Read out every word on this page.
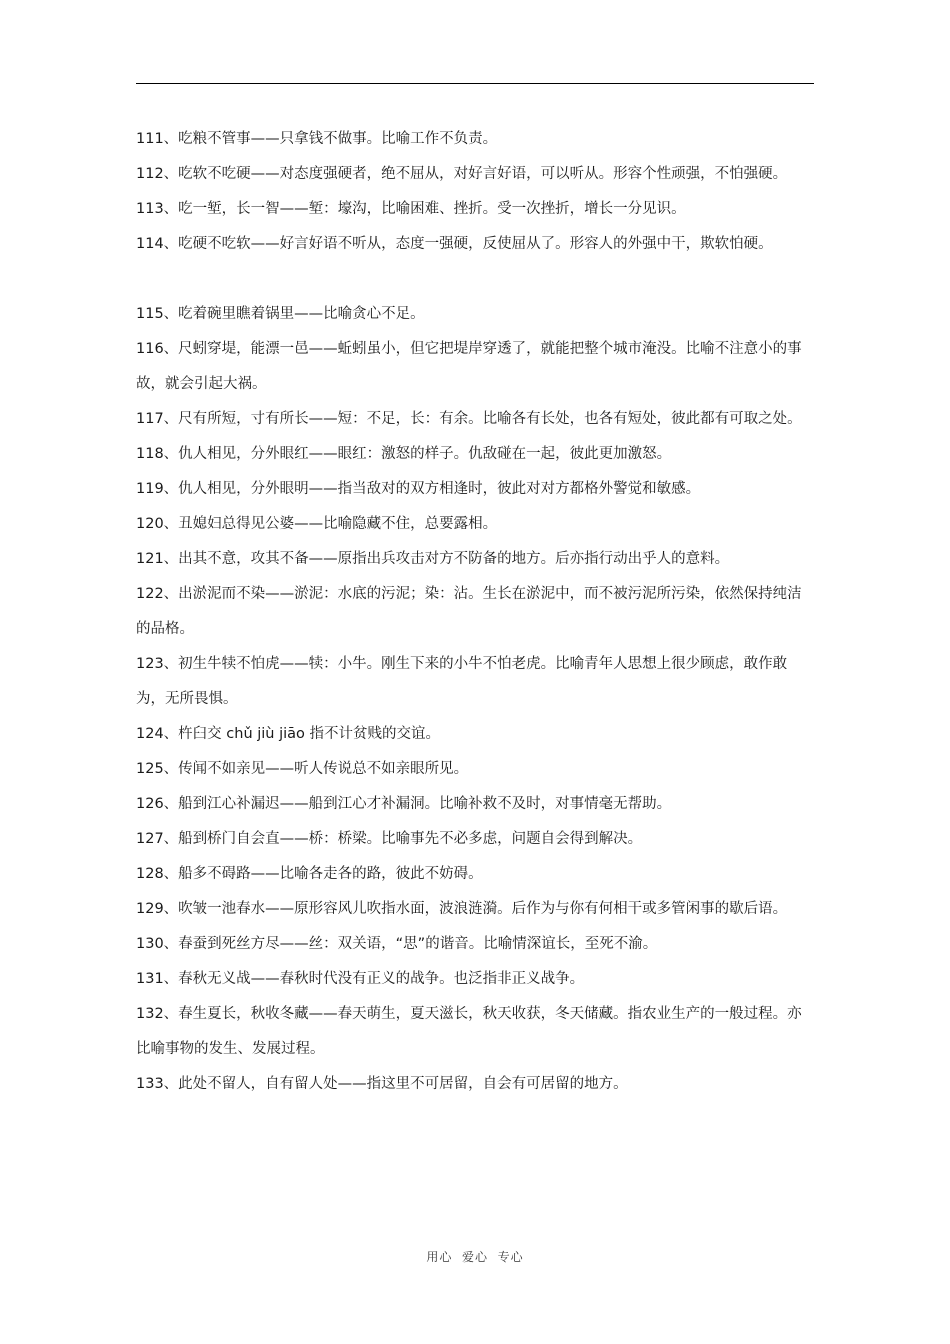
111、吃粮不管事——只拿钱不做事。比喻工作不负责。
112、吃软不吃硬——对态度强硬者，绝不屈从，对好言好语，可以听从。形容个性顽强，不怕强硬。
113、吃一堑，长一智——堑：壕沟，比喻困难、挫折。受一次挫折，增长一分见识。
114、吃硬不吃软——好言好语不听从，态度一强硬，反使屈从了。形容人的外强中干，欺软怕硬。
115、吃着碗里瞧着锅里——比喻贪心不足。
116、尺蚓穿堤，能漂一邑——蚯蚓虽小，但它把堤岸穿透了，就能把整个城市淹没。比喻不注意小的事故，就会引起大祸。
117、尺有所短，寸有所长——短：不足，长：有余。比喻各有长处，也各有短处，彼此都有可取之处。
118、仇人相见，分外眼红——眼红：激怒的样子。仇敌碰在一起，彼此更加激怒。
119、仇人相见，分外眼明——指当敌对的双方相逢时，彼此对对方都格外警觉和敏感。
120、丑媳妇总得见公婆——比喻隐藏不住，总要露相。
121、出其不意，攻其不备——原指出兵攻击对方不防备的地方。后亦指行动出乎人的意料。
122、出淤泥而不染——淤泥：水底的污泥；染：沾。生长在淤泥中，而不被污泥所污染，依然保持纯洁的品格。
123、初生牛犊不怕虎——犊：小牛。刚生下来的小牛不怕老虎。比喻青年人思想上很少顾虑，敢作敢为，无所畏惧。
124、杵臼交 chǔ jiù jiāo 指不计贫贱的交谊。
125、传闻不如亲见——听人传说总不如亲眼所见。
126、船到江心补漏迟——船到江心才补漏洞。比喻补救不及时，对事情毫无帮助。
127、船到桥门自会直——桥：桥梁。比喻事先不必多虑，问题自会得到解决。
128、船多不碍路——比喻各走各的路，彼此不妨碍。
129、吹皱一池春水——原形容风儿吹指水面，波浪涟漪。后作为与你有何相干或多管闲事的歇后语。
130、春蚕到死丝方尽——丝：双关语，“思”的谐音。比喻情深谊长，至死不渝。
131、春秋无义战——春秋时代没有正义的战争。也泛指非正义战争。
132、春生夏长，秋收冬藏——春天萌生，夏天滋长，秋天收获，冬天储藏。指农业生产的一般过程。亦比喻事物的发生、发展过程。
133、此处不留人，自有留人处——指这里不可居留，自会有可居留的地方。
用心  爱心  专心
